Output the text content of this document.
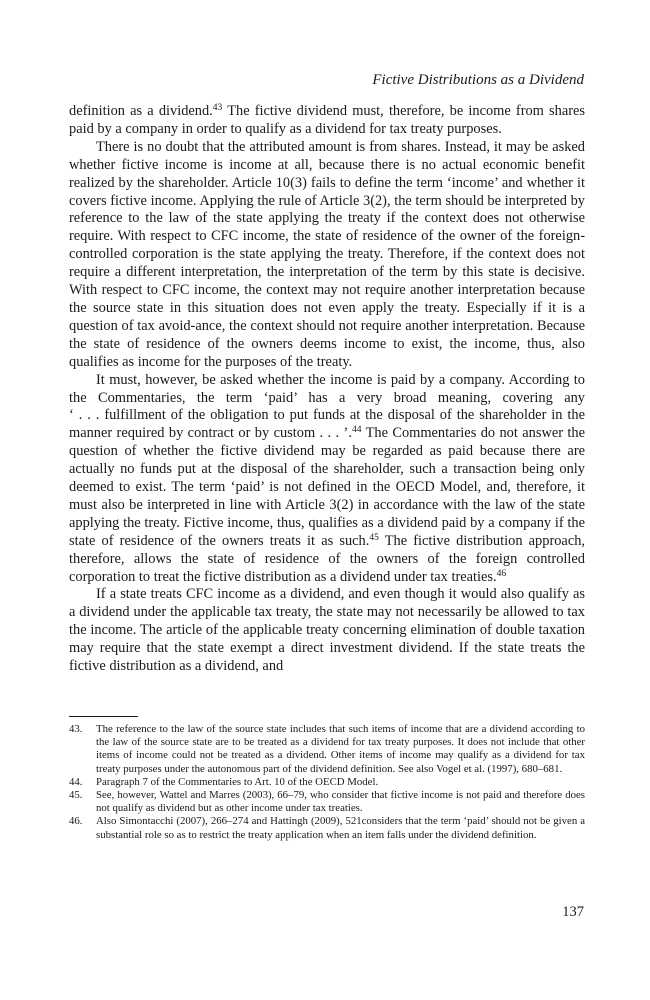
Fictive Distributions as a Dividend

definition as a dividend.$^{43}$ The fictive dividend must, therefore, be income from shares paid by a company in order to qualify as a dividend for tax treaty purposes.

There is no doubt that the attributed amount is from shares. Instead, it may be asked whether fictive income is income at all, because there is no actual economic benefit realized by the shareholder. Article 10(3) fails to define the term ‘income’ and whether it covers fictive income. Applying the rule of Article 3(2), the term should be interpreted by reference to the law of the state applying the treaty if the context does not otherwise require. With respect to CFC income, the state of residence of the owner of the foreign-controlled corporation is the state applying the treaty. Therefore, if the context does not require a different interpretation, the interpretation of the term by this state is decisive. With respect to CFC income, the context may not require another interpretation because the source state in this situation does not even apply the treaty. Especially if it is a question of tax avoid-ance, the context should not require another interpretation. Because the state of residence of the owners deems income to exist, the income, thus, also qualifies as income for the purposes of the treaty.

It must, however, be asked whether the income is paid by a company. According to the Commentaries, the term ‘paid’ has a very broad meaning, covering any ‘ . . . fulfillment of the obligation to put funds at the disposal of the shareholder in the manner required by contract or by custom . . . ’.$^{44}$ The Commentaries do not answer the question of whether the fictive dividend may be regarded as paid because there are actually no funds put at the disposal of the shareholder, such a transaction being only deemed to exist. The term ‘paid’ is not defined in the OECD Model, and, therefore, it must also be interpreted in line with Article 3(2) in accordance with the law of the state applying the treaty. Fictive income, thus, qualifies as a dividend paid by a company if the state of residence of the owners treats it as such.$^{45}$ The fictive distribution approach, therefore, allows the state of residence of the owners of the foreign controlled corporation to treat the fictive distribution as a dividend under tax treaties.$^{46}$

If a state treats CFC income as a dividend, and even though it would also qualify as a dividend under the applicable tax treaty, the state may not necessarily be allowed to tax the income. The article of the applicable treaty concerning elimination of double taxation may require that the state exempt a direct investment dividend. If the state treats the fictive distribution as a dividend, and

43.	The reference to the law of the source state includes that such items of income that are a dividend according to the law of the source state are to be treated as a dividend for tax treaty purposes. It does not include that other items of income could not be treated as a dividend. Other items of income may qualify as a dividend for tax treaty purposes under the autonomous part of the dividend definition. See also Vogel et al. (1997), 680–681.
44.	Paragraph 7 of the Commentaries to Art. 10 of the OECD Model.
45.	See, however, Wattel and Marres (2003), 66–79, who consider that fictive income is not paid and therefore does not qualify as dividend but as other income under tax treaties.
46.	Also Simontacchi (2007), 266–274 and Hattingh (2009), 521considers that the term ‘paid’ should not be given a substantial role so as to restrict the treaty application when an item falls under the dividend definition.
137
